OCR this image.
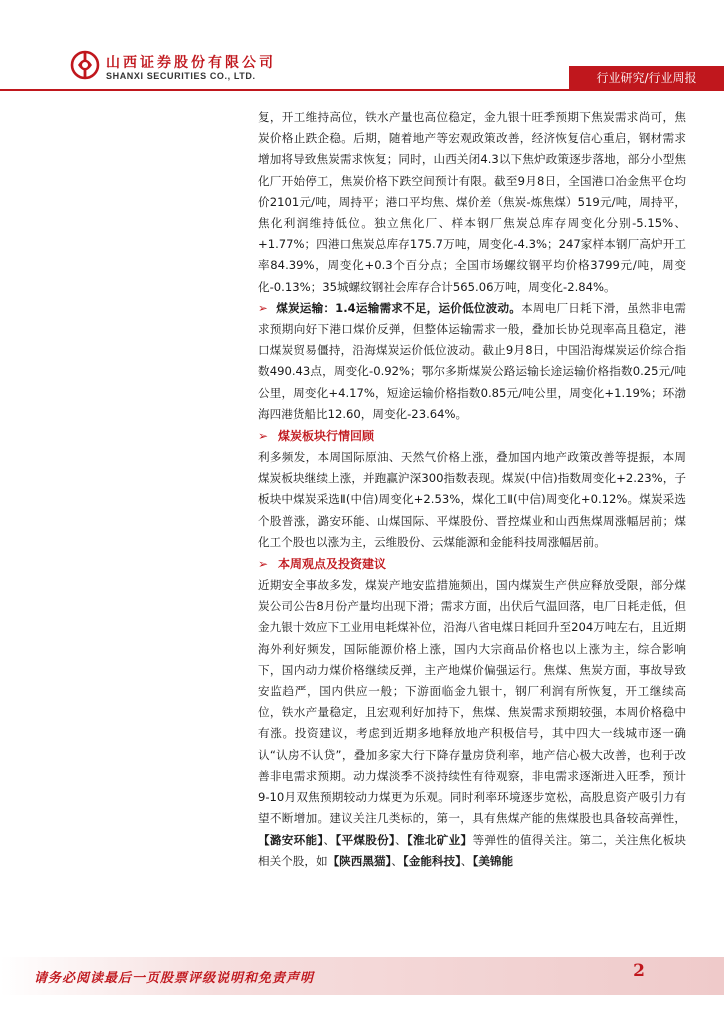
山西证券股份有限公司
SHANXI SECURITIES CO., LTD.	行业研究/行业周报

复，开工维持高位，铁水产量也高位稳定，金九银十旺季预期下焦炭需求尚可，焦炭价格止跌企稳。后期，随着地产等宏观政策改善，经济恢复信心重启，钢材需求增加将导致焦炭需求恢复；同时，山西关闭4.3以下焦炉政策逐步落地，部分小型焦化厂开始停工，焦炭价格下跌空间预计有限。截至9月8日，全国港口冶金焦平仓均价2101元/吨，周持平；港口平均焦、煤价差（焦炭-炼焦煤）519元/吨，周持平，焦化利润维持低位。独立焦化厂、样本钢厂焦炭总库存周变化分别-5.15%、+1.77%；四港口焦炭总库存175.7万吨，周变化-4.3%；247家样本钢厂高炉开工率84.39%，周变化+0.3个百分点；全国市场螺纹钢平均价格3799元/吨，周变化-0.13%；35城螺纹钢社会库存合计565.06万吨，周变化-2.84%。

➢ 煤炭运输：1.4运输需求不足，运价低位波动。本周电厂日耗下滑，虽然非电需求预期向好下港口煤价反弹，但整体运输需求一般，叠加长协兑现率高且稳定，港口煤炭贸易僵持，沿海煤炭运价低位波动。截止9月8日，中国沿海煤炭运价综合指数490.43点，周变化-0.92%；鄂尔多斯煤炭公路运输长途运输价格指数0.25元/吨公里，周变化+4.17%，短途运输价格指数0.85元/吨公里，周变化+1.19%；环渤海四港货船比12.60，周变化-23.64%。

➢ 煤炭板块行情回顾

利多频发，本周国际原油、天然气价格上涨，叠加国内地产政策改善等提振，本周煤炭板块继续上涨，并跑赢沪深300指数表现。煤炭(中信)指数周变化+2.23%，子板块中煤炭采选Ⅱ(中信)周变化+2.53%，煤化工Ⅱ(中信)周变化+0.12%。煤炭采选个股普涨，潞安环能、山煤国际、平煤股份、晋控煤业和山西焦煤周涨幅居前；煤化工个股也以涨为主，云维股份、云煤能源和金能科技周涨幅居前。

➢ 本周观点及投资建议

近期安全事故多发，煤炭产地安监措施频出，国内煤炭生产供应释放受限，部分煤炭公司公告8月份产量均出现下滑；需求方面，出伏后气温回落，电厂日耗走低，但金九银十效应下工业用电耗煤补位，沿海八省电煤日耗回升至204万吨左右，且近期海外利好频发，国际能源价格上涨，国内大宗商品价格也以上涨为主，综合影响下，国内动力煤价格继续反弹，主产地煤价偏强运行。焦煤、焦炭方面，事故导致安监趋严，国内供应一般；下游面临金九银十，钢厂利润有所恢复，开工继续高位，铁水产量稳定，且宏观利好加持下，焦煤、焦炭需求预期较强，本周价格稳中有涨。投资建议，考虑到近期多地释放地产积极信号，其中四大一线城市逐一确认“认房不认贷”，叠加多家大行下降存量房贷利率，地产信心极大改善，也利于改善非电需求预期。动力煤淡季不淡持续性有待观察，非电需求逐渐进入旺季，预计9-10月双焦预期较动力煤更为乐观。同时利率环境逐步宽松，高股息资产吸引力有望不断增加。建议关注几类标的，第一，具有焦煤产能的焦煤股也具备较高弹性，【潞安环能】、【平煤股份】、【淮北矿业】等弹性的值得关注。第二，关注焦化板块相关个股，如【陕西黑猫】、【金能科技】、【美锦能

请务必阅读最后一页股票评级说明和免责声明	2
